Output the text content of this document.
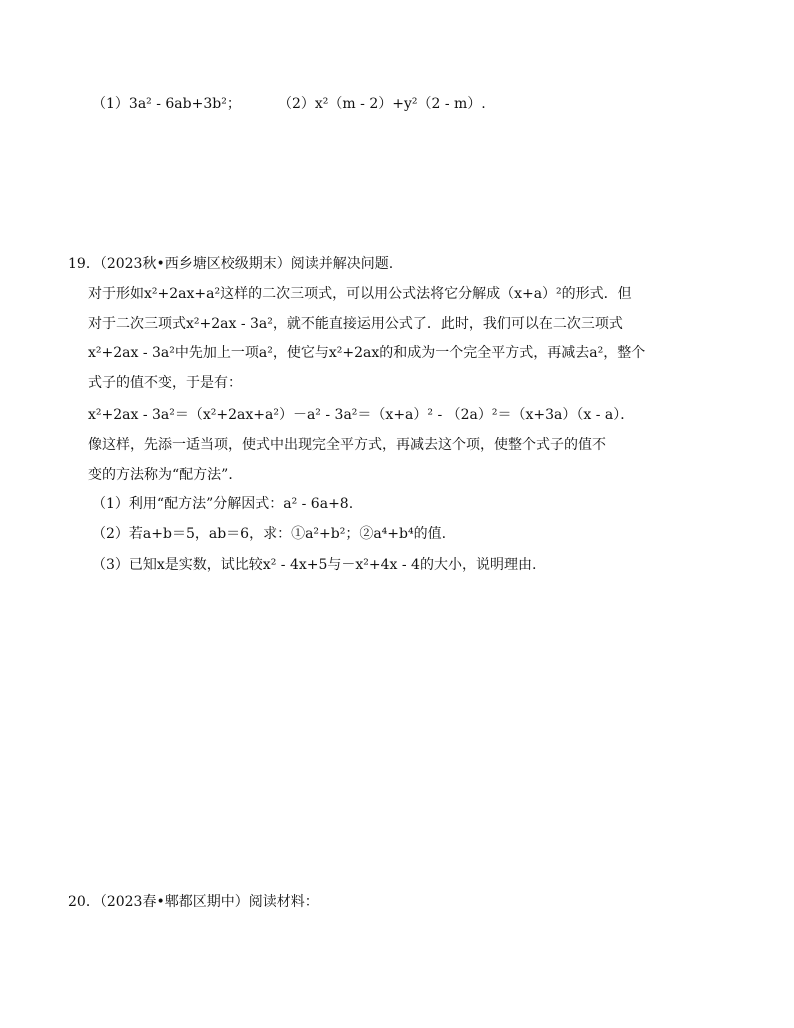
（1）3a² - 6ab+3b²；	（2）x²（m - 2）+y²（2 - m）.
19．（2023秋•西乡塘区校级期末）阅读并解决问题.
对于形如x²+2ax+a²这样的二次三项式，可以用公式法将它分解成（x+a）²的形式．但
对于二次三项式x²+2ax - 3a²，就不能直接运用公式了．此时，我们可以在二次三项式
x²+2ax - 3a²中先加上一项a²，使它与x²+2ax的和成为一个完全平方式，再减去a²，整个
式子的值不变，于是有：
x²+2ax - 3a²＝（x²+2ax+a²）－a² - 3a²＝（x+a）² - （2a）²＝（x+3a）（x - a）．
像这样，先添一适当项，使式中出现完全平方式，再减去这个项，使整个式子的值不
变的方法称为“配方法”．
（1）利用“配方法”分解因式：a² - 6a+8.
（2）若a+b＝5，ab＝6，求：①a²+b²；②a⁴+b⁴的值.
（3）已知x是实数，试比较x² - 4x+5与－x²+4x - 4的大小，说明理由.
20．（2023春•郫都区期中）阅读材料：
